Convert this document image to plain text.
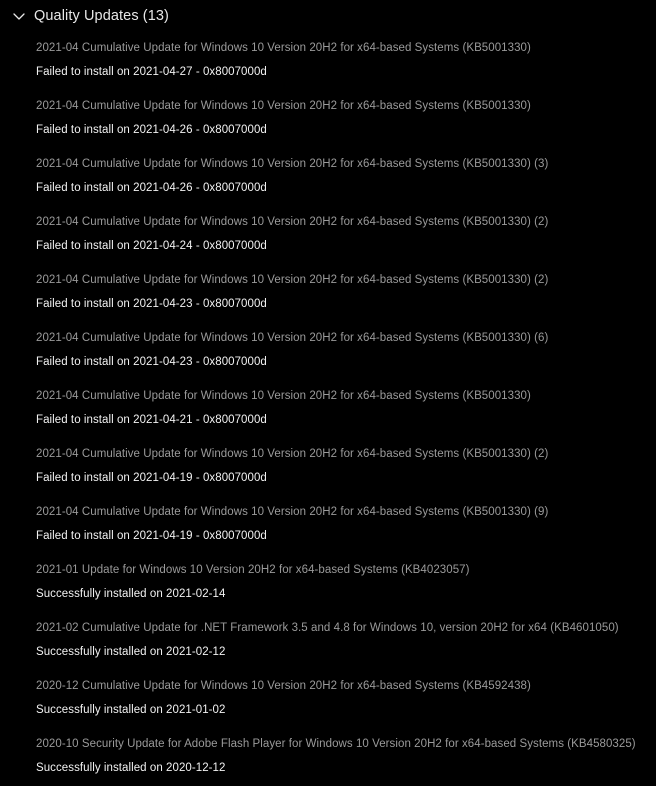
Quality Updates (13)
2021-04 Cumulative Update for Windows 10 Version 20H2 for x64-based Systems (KB5001330)
Failed to install on 2021-04-27 - 0x8007000d
2021-04 Cumulative Update for Windows 10 Version 20H2 for x64-based Systems (KB5001330)
Failed to install on 2021-04-26 - 0x8007000d
2021-04 Cumulative Update for Windows 10 Version 20H2 for x64-based Systems (KB5001330) (3)
Failed to install on 2021-04-26 - 0x8007000d
2021-04 Cumulative Update for Windows 10 Version 20H2 for x64-based Systems (KB5001330) (2)
Failed to install on 2021-04-24 - 0x8007000d
2021-04 Cumulative Update for Windows 10 Version 20H2 for x64-based Systems (KB5001330) (2)
Failed to install on 2021-04-23 - 0x8007000d
2021-04 Cumulative Update for Windows 10 Version 20H2 for x64-based Systems (KB5001330) (6)
Failed to install on 2021-04-23 - 0x8007000d
2021-04 Cumulative Update for Windows 10 Version 20H2 for x64-based Systems (KB5001330)
Failed to install on 2021-04-21 - 0x8007000d
2021-04 Cumulative Update for Windows 10 Version 20H2 for x64-based Systems (KB5001330) (2)
Failed to install on 2021-04-19 - 0x8007000d
2021-04 Cumulative Update for Windows 10 Version 20H2 for x64-based Systems (KB5001330) (9)
Failed to install on 2021-04-19 - 0x8007000d
2021-01 Update for Windows 10 Version 20H2 for x64-based Systems (KB4023057)
Successfully installed on 2021-02-14
2021-02 Cumulative Update for .NET Framework 3.5 and 4.8 for Windows 10, version 20H2 for x64 (KB4601050)
Successfully installed on 2021-02-12
2020-12 Cumulative Update for Windows 10 Version 20H2 for x64-based Systems (KB4592438)
Successfully installed on 2021-01-02
2020-10 Security Update for Adobe Flash Player for Windows 10 Version 20H2 for x64-based Systems (KB4580325)
Successfully installed on 2020-12-12
